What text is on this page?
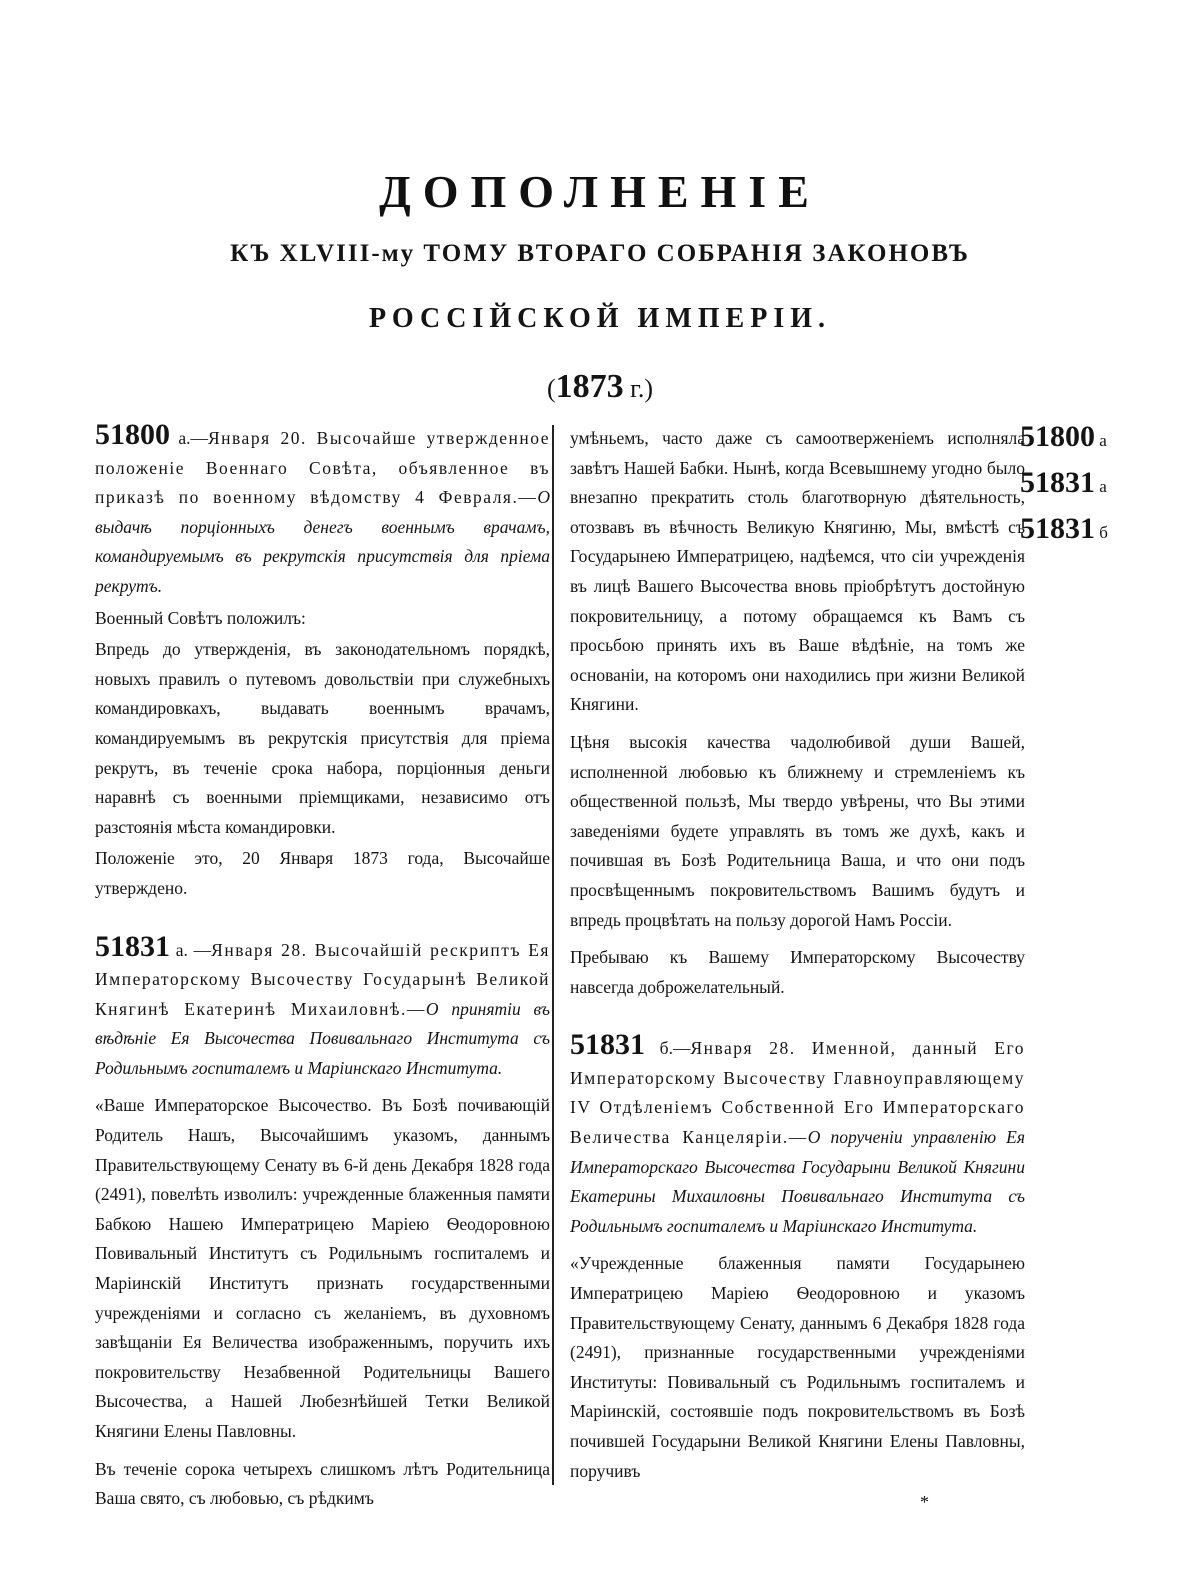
ДОПОЛНЕНІЕ
КЪ XLVIII-му ТОМУ ВТОРАГО СОБРАНІЯ ЗАКОНОВЪ
РОССІЙСКОЙ ИМПЕРІИ.
(1873 г.)

51800 а.—Января 20. Высочайше утвержденное положеніе Военнаго Совѣта, объявленное въ приказѣ по военному вѣдомству 4 Февраля.—О выдачѣ порціонныхъ денегъ военнымъ врачамъ, командируемымъ въ рекрутскія присутствія для пріема рекрутъ.

Военный Совѣтъ положилъ:

Впредь до утвержденія, въ законодательномъ порядкѣ, новыхъ правилъ о путевомъ довольствіи при служебныхъ командировкахъ, выдавать военнымъ врачамъ, командируемымъ въ рекрутскія присутствія для пріема рекрутъ, въ теченіе срока набора, порціонныя деньги наравнѣ съ военными пріемщиками, независимо отъ разстоянія мѣста командировки.

Положеніе это, 20 Января 1873 года, Высочайше утверждено.

51831 а. —Января 28. Высочайшій рескриптъ Ея Императорскому Высочеству Государынѣ Великой Княгинѣ Екатеринѣ Михаиловнѣ.—О принятіи въ вѣдѣніе Ея Высочества Повивальнаго Института съ Родильнымъ госпиталемъ и Маріинскаго Института.

«Ваше Императорское Высочество. Въ Бозѣ почивающій Родитель Нашъ, Высочайшимъ указомъ, даннымъ Правительствующему Сенату въ 6-й день Декабря 1828 года (2491), повелѣть изволилъ: учрежденные блаженныя памяти Бабкою Нашею Императрицею Маріею Ѳеодоровною Повивальный Институтъ съ Родильнымъ госпиталемъ и Маріинскій Институтъ признать государственными учрежденіями и согласно съ желаніемъ, въ духовномъ завѣщаніи Ея Величества изображеннымъ, поручить ихъ покровительству Незабвенной Родительницы Вашего Высочества, а Нашей Любезнѣйшей Тетки Великой Княгини Елены Павловны.

Въ теченіе сорока четырехъ слишкомъ лѣтъ Родительница Ваша свято, съ любовью, съ рѣдкимъ

умѣньемъ, часто даже съ самоотверженіемъ исполняла завѣтъ Нашей Бабки. Нынѣ, когда Всевышнему угодно было внезапно прекратить столь благотворную дѣятельность, отозвавъ въ вѣчность Великую Княгиню, Мы, вмѣстѣ съ Государынею Императрицею, надѣемся, что сіи учрежденія въ лицѣ Вашего Высочества вновь пріобрѣтутъ достойную покровительницу, а потому обращаемся къ Вамъ съ просьбою принять ихъ въ Ваше вѣдѣніе, на томъ же основаніи, на которомъ они находились при жизни Великой Княгини.

Цѣня высокія качества чадолюбивой души Вашей, исполненной любовью къ ближнему и стремленіемъ къ общественной пользѣ, Мы твердо увѣрены, что Вы этими заведеніями будете управлять въ томъ же духѣ, какъ и почившая въ Бозѣ Родительница Ваша, и что они подъ просвѣщеннымъ покровительствомъ Вашимъ будутъ и впредь процвѣтать на пользу дорогой Намъ Россіи.

Пребываю къ Вашему Императорскому Высочеству навсегда доброжелательный.

51831 б.—Января 28. Именной, данный Его Императорскому Высочеству Главноуправляющему IV Отдѣленіемъ Собственной Его Императорскаго Величества Канцеляріи.—О порученіи управленію Ея Императорскаго Высочества Государыни Великой Княгини Екатерины Михаиловны Повивальнаго Института съ Родильнымъ госпиталемъ и Маріинскаго Института.

«Учрежденные блаженныя памяти Государынею Императрицею Маріею Ѳеодоровною и указомъ Правительствующему Сенату, даннымъ 6 Декабря 1828 года (2491), признанные государственными учрежденіями Институты: Повивальный съ Родильнымъ госпиталемъ и Маріинскій, состоявшіе подъ покровительствомъ въ Бозѣ почившей Государыни Великой Княгини Елены Павловны, поручивъ

51800 а
51831 а
51831 б
*
